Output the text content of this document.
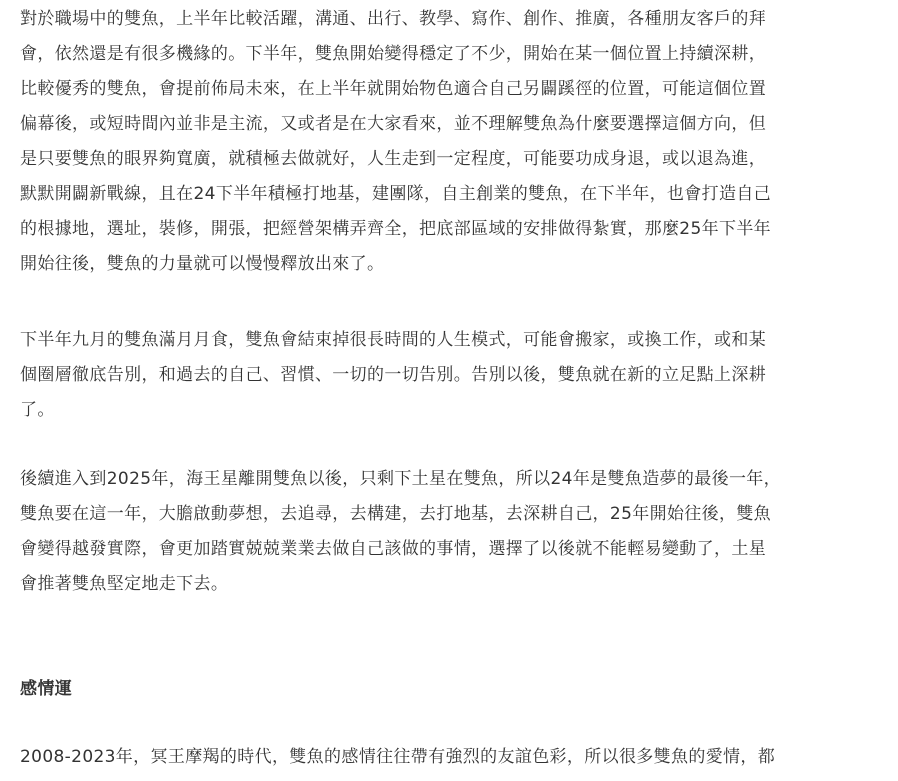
對於職場中的雙魚，上半年比較活躍，溝通、出行、教學、寫作、創作、推廣，各種朋友客戶的拜
會，依然還是有很多機緣的。下半年，雙魚開始變得穩定了不少，開始在某一個位置上持續深耕，
比較優秀的雙魚，會提前佈局未來，在上半年就開始物色適合自己另闢蹊徑的位置，可能這個位置
偏幕後，或短時間內並非是主流，又或者是在大家看來，並不理解雙魚為什麼要選擇這個方向，但
是只要雙魚的眼界夠寬廣，就積極去做就好，人生走到一定程度，可能要功成身退，或以退為進，
默默開闢新戰線，且在24下半年積極打地基，建團隊，自主創業的雙魚，在下半年，也會打造自己
的根據地，選址，裝修，開張，把經營架構弄齊全，把底部區域的安排做得紮實，那麼25年下半年
開始往後，雙魚的力量就可以慢慢釋放出來了。
下半年九月的雙魚滿月月食，雙魚會結束掉很長時間的人生模式，可能會搬家，或換工作，或和某
個圈層徹底告別，和過去的自己、習慣、一切的一切告別。告別以後，雙魚就在新的立足點上深耕
了。
後續進入到2025年，海王星離開雙魚以後，只剩下土星在雙魚，所以24年是雙魚造夢的最後一年，
雙魚要在這一年，大膽啟動夢想，去追尋，去構建，去打地基，去深耕自己，25年開始往後，雙魚
會變得越發實際，會更加踏實兢兢業業去做自己該做的事情，選擇了以後就不能輕易變動了，土星
會推著雙魚堅定地走下去。
感情運
2008-2023年，冥王摩羯的時代，雙魚的感情往往帶有強烈的友誼色彩，所以很多雙魚的愛情，都
